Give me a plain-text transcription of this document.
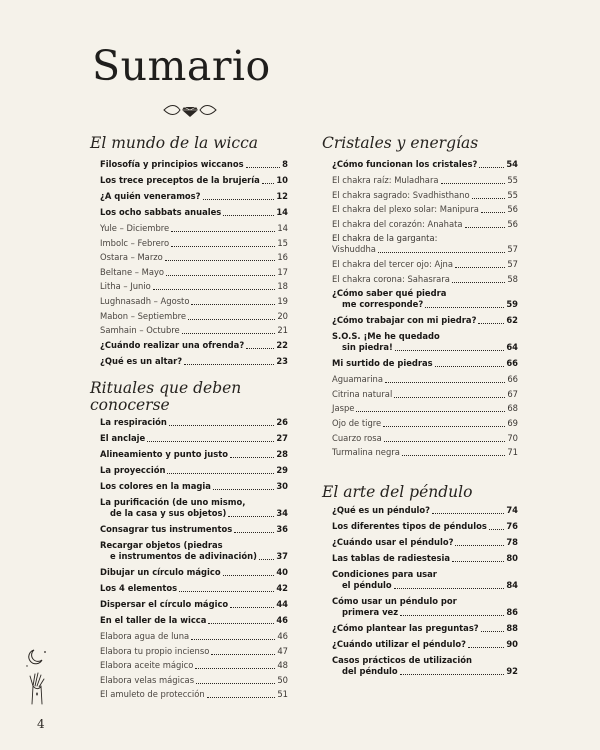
Sumario
El mundo de la wicca
Filosofía y principios wiccanos	8
Los trece preceptos de la brujería 10
¿A quién veneramos?	12
Los ocho sabbats anuales	14
Yule – Diciembre	14
Imbolc – Febrero	15
Ostara – Marzo	16
Beltane – Mayo	17
Litha – Junio	18
Lughnasadh – Agosto	19
Mabon – Septiembre	20
Samhain – Octubre	21
¿Cuándo realizar una ofrenda?	22
¿Qué es un altar?	23
Rituales que deben
conocerse
La respiración	26
El anclaje	27
Alineamiento y punto justo	28
La proyección	29
Los colores en la magia	30
La purificación (de uno mismo,
de la casa y sus objetos)	34
Consagrar tus instrumentos	36
Recargar objetos (piedras
e instrumentos de adivinación) 37
Dibujar un círculo mágico	40
Los 4 elementos	42
Dispersar el círculo mágico	44
En el taller de la wicca	46
Elabora agua de luna	46
Elabora tu propio incienso	47
Elabora aceite mágico	48
Elabora velas mágicas	50
El amuleto de protección	51
Cristales y energías
¿Cómo funcionan los cristales?	54
El chakra raíz: Muladhara	55
El chakra sagrado: Svadhisthano	55
El chakra del plexo solar: Manipura	56
El chakra del corazón: Anahata	56
El chakra de la garganta:
Vishuddha	57
El chakra del tercer ojo: Ajna	57
El chakra corona: Sahasrara	58
¿Cómo saber qué piedra
me corresponde?	59
¿Cómo trabajar con mi piedra?	62
S.O.S. ¡Me he quedado
sin piedra!	64
Mi surtido de piedras	66
Aguamarina	66
Citrina natural	67
Jaspe	68
Ojo de tigre	69
Cuarzo rosa	70
Turmalina negra	71
El arte del péndulo
¿Qué es un péndulo?	74
Los diferentes tipos de péndulos 76
¿Cuándo usar el péndulo?	78
Las tablas de radiestesia	80
Condiciones para usar
el péndulo	84
Cómo usar un péndulo por
primera vez	86
¿Cómo plantear las preguntas?	88
¿Cuándo utilizar el péndulo?	90
Casos prácticos de utilización
del péndulo	92
4
